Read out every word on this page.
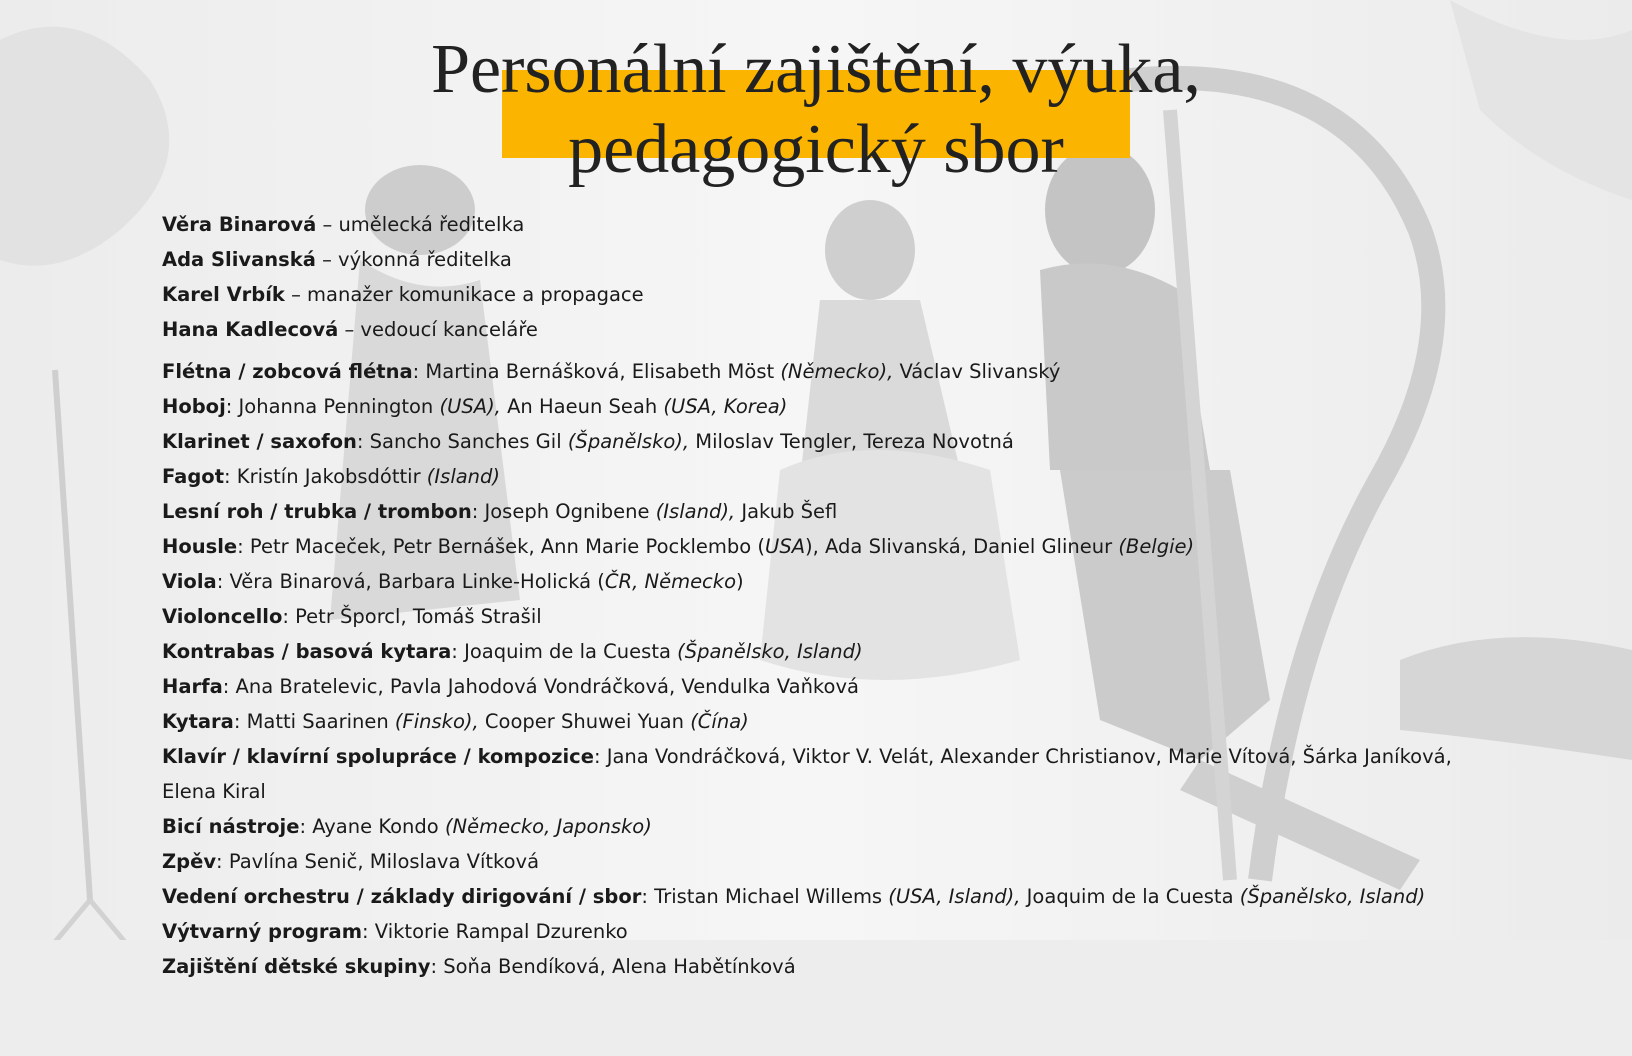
Personální zajištění, výuka,
pedagogický sbor
Věra Binarová – umělecká ředitelka
Ada Slivanská – výkonná ředitelka
Karel Vrbík – manažer komunikace a propagace
Hana Kadlecová – vedoucí kanceláře
Flétna / zobcová flétna: Martina Bernášková, Elisabeth Möst (Německo), Václav Slivanský
Hoboj: Johanna Pennington (USA), An Haeun Seah (USA, Korea)
Klarinet / saxofon: Sancho Sanches Gil (Španělsko), Miloslav Tengler, Tereza Novotná
Fagot: Kristín Jakobsdóttir (Island)
Lesní roh / trubka / trombon: Joseph Ognibene (Island), Jakub Šefl
Housle: Petr Maceček, Petr Bernášek, Ann Marie Pocklembo (USA), Ada Slivanská, Daniel Glineur (Belgie)
Viola: Věra Binarová, Barbara Linke-Holická (ČR, Německo)
Violoncello: Petr Šporcl, Tomáš Strašil
Kontrabas / basová kytara: Joaquim de la Cuesta (Španělsko, Island)
Harfa: Ana Bratelevic, Pavla Jahodová Vondráčková, Vendulka Vaňková
Kytara: Matti Saarinen (Finsko), Cooper Shuwei Yuan (Čína)
Klavír / klavírní spolupráce / kompozice: Jana Vondráčková, Viktor V. Velát, Alexander Christianov, Marie Vítová, Šárka Janíková, Elena Kiral
Bicí nástroje: Ayane Kondo (Německo, Japonsko)
Zpěv: Pavlína Senič, Miloslava Vítková
Vedení orchestru / základy dirigování / sbor: Tristan Michael Willems (USA, Island), Joaquim de la Cuesta (Španělsko, Island)
Výtvarný program: Viktorie Rampal Dzurenko
Zajištění dětské skupiny: Soňa Bendíková, Alena Habětínková
